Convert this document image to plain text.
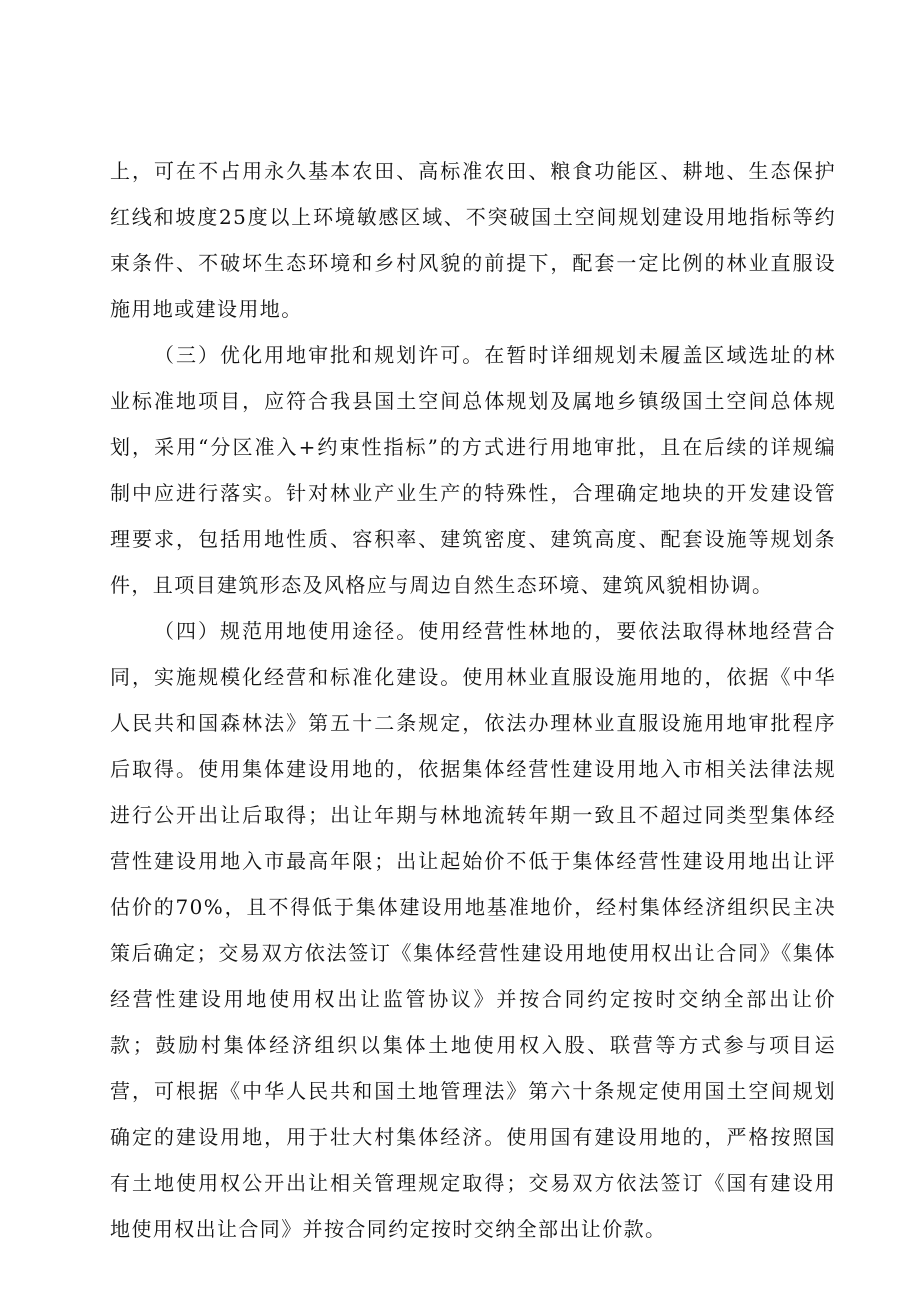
上，可在不占用永久基本农田、高标准农田、粮食功能区、耕地、生态保护红线和坡度25度以上环境敏感区域、不突破国土空间规划建设用地指标等约束条件、不破坏生态环境和乡村风貌的前提下，配套一定比例的林业直服设施用地或建设用地。

（三）优化用地审批和规划许可。在暂时详细规划未履盖区域选址的林业标准地项目，应符合我县国土空间总体规划及属地乡镇级国土空间总体规划，采用“分区准入+约束性指标”的方式进行用地审批，且在后续的详规编制中应进行落实。针对林业产业生产的特殊性，合理确定地块的开发建设管理要求，包括用地性质、容积率、建筑密度、建筑高度、配套设施等规划条件，且项目建筑形态及风格应与周边自然生态环境、建筑风貌相协调。

（四）规范用地使用途径。使用经营性林地的，要依法取得林地经营合同，实施规模化经营和标准化建设。使用林业直服设施用地的，依据《中华人民共和国森林法》第五十二条规定，依法办理林业直服设施用地审批程序后取得。使用集体建设用地的，依据集体经营性建设用地入市相关法律法规进行公开出让后取得；出让年期与林地流转年期一致且不超过同类型集体经营性建设用地入市最高年限；出让起始价不低于集体经营性建设用地出让评估价的70%，且不得低于集体建设用地基准地价，经村集体经济组织民主决策后确定；交易双方依法签订《集体经营性建设用地使用权出让合同》《集体经营性建设用地使用权出让监管协议》并按合同约定按时交纳全部出让价款；鼓励村集体经济组织以集体土地使用权入股、联营等方式参与项目运营，可根据《中华人民共和国土地管理法》第六十条规定使用国土空间规划确定的建设用地，用于壮大村集体经济。使用国有建设用地的，严格按照国有土地使用权公开出让相关管理规定取得；交易双方依法签订《国有建设用地使用权出让合同》并按合同约定按时交纳全部出让价款。
